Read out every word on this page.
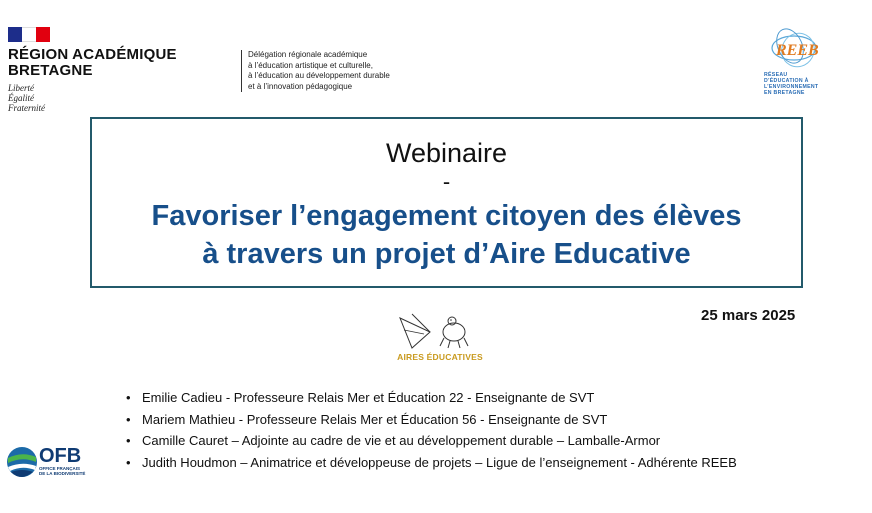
RÉGION ACADÉMIQUE
BRETAGNE
Liberté
Égalité
Fraternité
Délégation régionale académique
à l’éducation artistique et culturelle,
à l’éducation au développement durable
et à l’innovation pédagogique
REEB
RÉSEAU
D’ÉDUCATION À
L’ENVIRONNEMENT
EN BRETAGNE
Webinaire
-
Favoriser l’engagement citoyen des élèves
à travers un projet d’Aire Educative
25 mars 2025
AIRES ÉDUCATIVES
• Emilie Cadieu - Professeure Relais Mer et Éducation 22 - Enseignante de SVT
• Mariem Mathieu - Professeure Relais Mer et Éducation 56 - Enseignante de SVT
• Camille Cauret – Adjointe au cadre de vie et au développement durable – Lamballe-Armor
• Judith Houdmon – Animatrice et développeuse de projets – Ligue de l’enseignement - Adhérente REEB
OFB
OFFICE FRANÇAIS
DE LA BIODIVERSITÉ
